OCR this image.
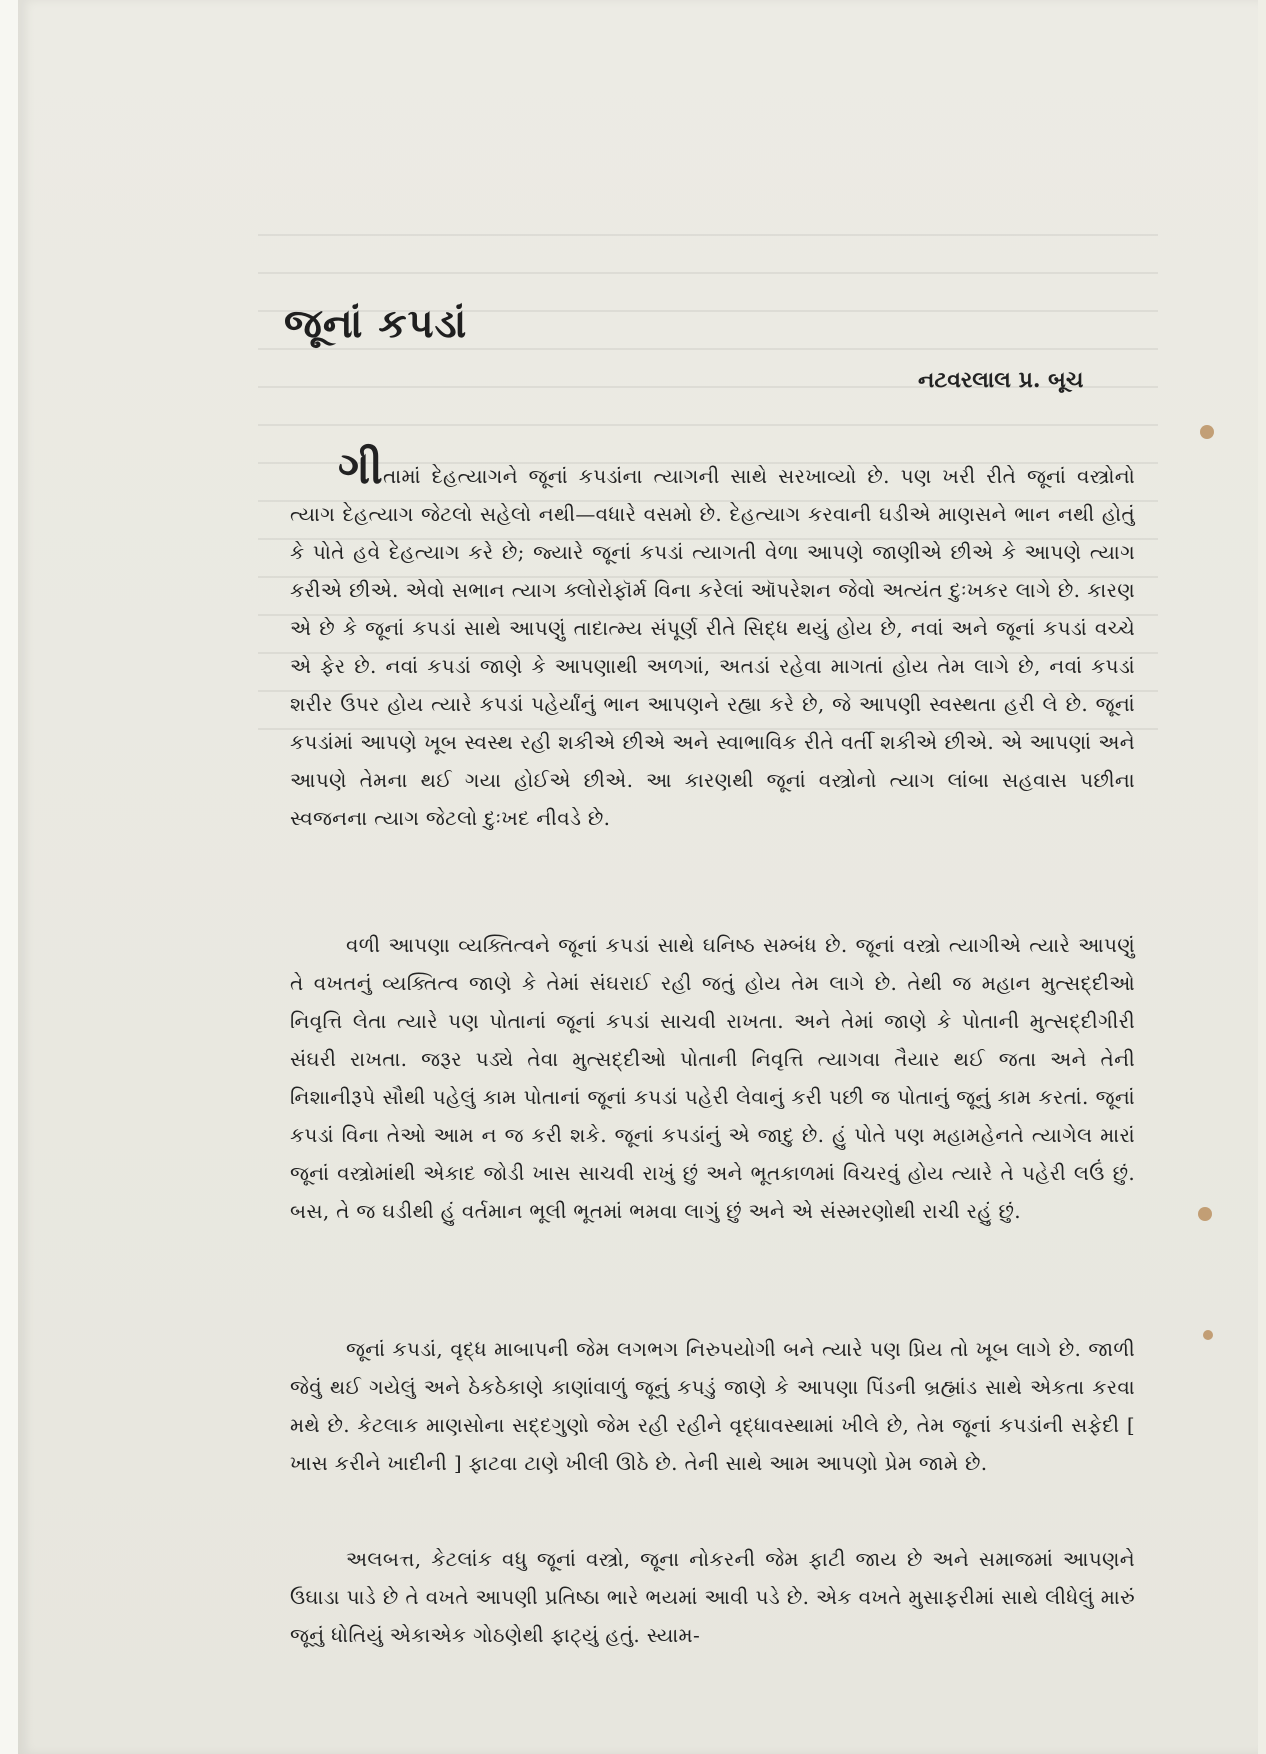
જૂનાં કપડાં
નટવરલાલ પ્ર. બૂચ
ગીતામાં દેહત્યાગને જૂનાં કપડાંના ત્યાગની સાથે સરખાવ્યો છે. પણ ખરી રીતે જૂનાં વસ્ત્રોનો ત્યાગ દેહત્યાગ જેટલો સહેલો નથી—વધારે વસમો છે. દેહત્યાગ કરવાની ઘડીએ માણસને ભાન નથી હોતું કે પોતે હવે દેહત્યાગ કરે છે; જ્યારે જૂનાં કપડાં ત્યાગતી વેળા આપણે જાણીએ છીએ કે આપણે ત્યાગ કરીએ છીએ. એવો સભાન ત્યાગ ક્લોરોફૉર્મ વિના કરેલાં ઑપરેશન જેવો અત્યંત દુઃખકર લાગે છે. કારણ એ છે કે જૂનાં કપડાં સાથે આપણું તાદાત્મ્ય સંપૂર્ણ રીતે સિદ્ધ થયું હોય છે, નવાં અને જૂનાં કપડાં વચ્ચે એ ફેર છે. નવાં કપડાં જાણે કે આપણાથી અળગાં, અતડાં રહેવા માગતાં હોય તેમ લાગે છે, નવાં કપડાં શરીર ઉપર હોય ત્યારે કપડાં પહેર્યાંનું ભાન આપણને રહ્યા કરે છે, જે આપણી સ્વસ્થતા હરી લે છે. જૂનાં કપડાંમાં આપણે ખૂબ સ્વસ્થ રહી શકીએ છીએ અને સ્વાભાવિક રીતે વર્તી શકીએ છીએ. એ આપણાં અને આપણે તેમના થઈ ગયા હોઈએ છીએ. આ કારણથી જૂનાં વસ્ત્રોનો ત્યાગ લાંબા સહવાસ પછીના સ્વજનના ત્યાગ જેટલો દુઃખદ નીવડે છે.
વળી આપણા વ્યક્તિત્વને જૂનાં કપડાં સાથે ઘનિષ્ઠ સમ્બંધ છે. જૂનાં વસ્ત્રો ત્યાગીએ ત્યારે આપણું તે વખતનું વ્યક્તિત્વ જાણે કે તેમાં સંઘરાઈ રહી જતું હોય તેમ લાગે છે. તેથી જ મહાન મુત્સદ્દીઓ નિવૃત્તિ લેતા ત્યારે પણ પોતાનાં જૂનાં કપડાં સાચવી રાખતા. અને તેમાં જાણે કે પોતાની મુત્સદ્દીગીરી સંઘરી રાખતા. જરૂર પડ્યે તેવા મુત્સદ્દીઓ પોતાની નિવૃત્તિ ત્યાગવા તૈયાર થઈ જતા અને તેની નિશાનીરૂપે સૌથી પહેલું કામ પોતાનાં જૂનાં કપડાં પહેરી લેવાનું કરી પછી જ પોતાનું જૂનું કામ કરતાં. જૂનાં કપડાં વિના તેઓ આમ ન જ કરી શકે. જૂનાં કપડાંનું એ જાદુ છે. હું પોતે પણ મહામહેનતે ત્યાગેલ મારાં જૂનાં વસ્ત્રોમાંથી એકાદ જોડી ખાસ સાચવી રાખું છું અને ભૂતકાળમાં વિચરવું હોય ત્યારે તે પહેરી લઉં છું. બસ, તે જ ઘડીથી હું વર્તમાન ભૂલી ભૂતમાં ભમવા લાગું છું અને એ સંસ્મરણોથી રાચી રહું છું.
જૂનાં કપડાં, વૃદ્ધ માબાપની જેમ લગભગ નિરુપયોગી બને ત્યારે પણ પ્રિય તો ખૂબ લાગે છે. જાળી જેવું થઈ ગયેલું અને ઠેકઠેકાણે કાણાંવાળું જૂનું કપડું જાણે કે આપણા પિંડની બ્રહ્માંડ સાથે એકતા કરવા મથે છે. કેટલાક માણસોના સદ્દગુણો જેમ રહી રહીને વૃદ્ધાવસ્થામાં ખીલે છે, તેમ જૂનાં કપડાંની સફેદી [ ખાસ કરીને ખાદીની ] ફાટવા ટાણે ખીલી ઊઠે છે. તેની સાથે આમ આપણો પ્રેમ જામે છે.
અલબત્ત, કેટલાંક વધુ જૂનાં વસ્ત્રો, જૂના નોકરની જેમ ફાટી જાય છે અને સમાજમાં આપણને ઉઘાડા પાડે છે તે વખતે આપણી પ્રતિષ્ઠા ભારે ભયમાં આવી પડે છે. એક વખતે મુસાફરીમાં સાથે લીધેલું મારું જૂનું ધોતિયું એકાએક ગોઠણેથી ફાટ્યું હતું. સ્યામ-
